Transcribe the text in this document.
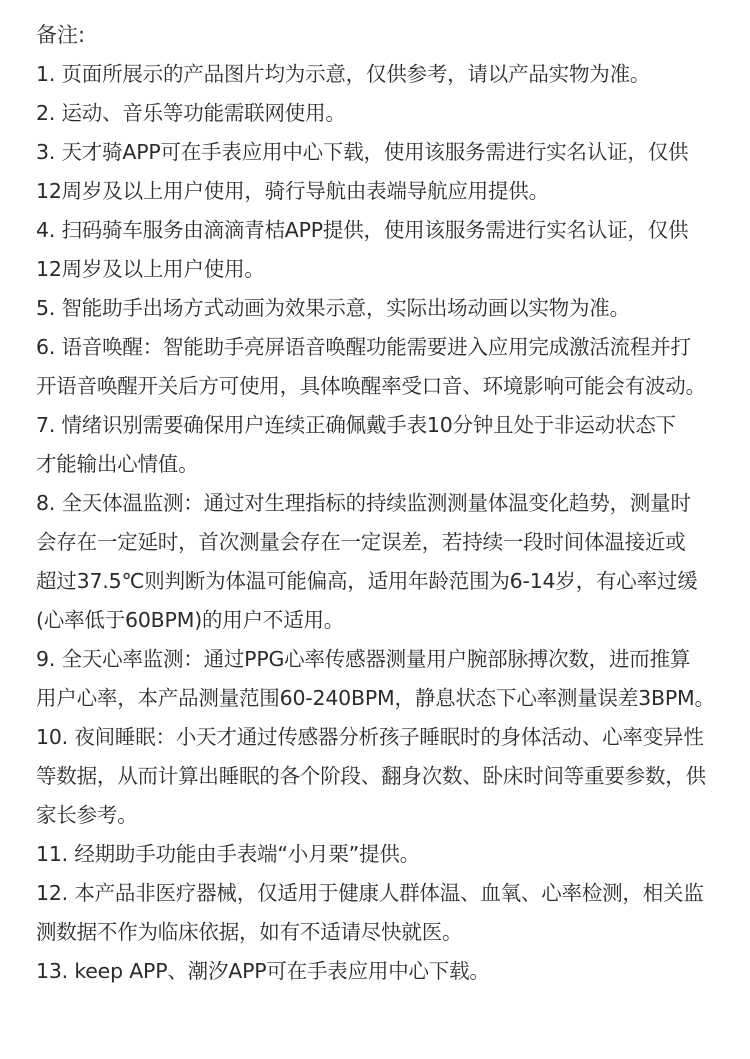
备注:
1. 页面所展示的产品图片均为示意，仅供参考，请以产品实物为准。
2. 运动、音乐等功能需联网使用。
3. 天才骑APP可在手表应用中心下载，使用该服务需进行实名认证，仅供
12周岁及以上用户使用，骑行导航由表端导航应用提供。
4. 扫码骑车服务由滴滴青桔APP提供，使用该服务需进行实名认证，仅供
12周岁及以上用户使用。
5. 智能助手出场方式动画为效果示意，实际出场动画以实物为准。
6. 语音唤醒：智能助手亮屏语音唤醒功能需要进入应用完成激活流程并打
开语音唤醒开关后方可使用，具体唤醒率受口音、环境影响可能会有波动。
7. 情绪识别需要确保用户连续正确佩戴手表10分钟且处于非运动状态下
才能输出心情值。
8. 全天体温监测：通过对生理指标的持续监测测量体温变化趋势，测量时
会存在一定延时，首次测量会存在一定误差，若持续一段时间体温接近或
超过37.5℃则判断为体温可能偏高，适用年龄范围为6-14岁，有心率过缓
(心率低于60BPM)的用户不适用。
9. 全天心率监测：通过PPG心率传感器测量用户腕部脉搏次数，进而推算
用户心率，本产品测量范围60-240BPM，静息状态下心率测量误差3BPM。
10. 夜间睡眠：小天才通过传感器分析孩子睡眠时的身体活动、心率变异性
等数据，从而计算出睡眠的各个阶段、翻身次数、卧床时间等重要参数，供
家长参考。
11. 经期助手功能由手表端“小月栗”提供。
12. 本产品非医疗器械，仅适用于健康人群体温、血氧、心率检测，相关监
测数据不作为临床依据，如有不适请尽快就医。
13. keep APP、潮汐APP可在手表应用中心下载。
